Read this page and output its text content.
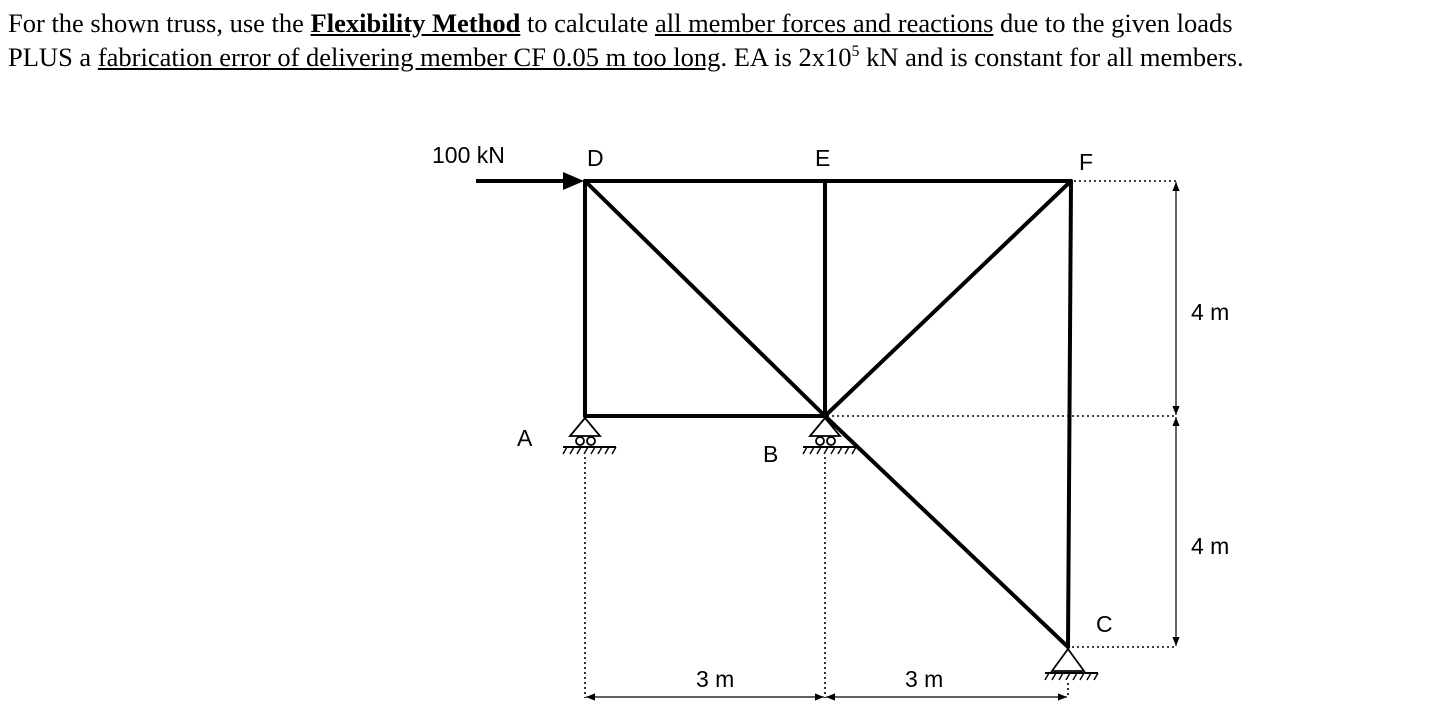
For the shown truss, use the Flexibility Method to calculate all member forces and reactions due to the given loads
PLUS a fabrication error of delivering member CF 0.05 m too long. EA is $2x10^5$ kN and is constant for all members.
100 kN	D	E	F
A
B
C
4 m
4 m
3 m	3 m
